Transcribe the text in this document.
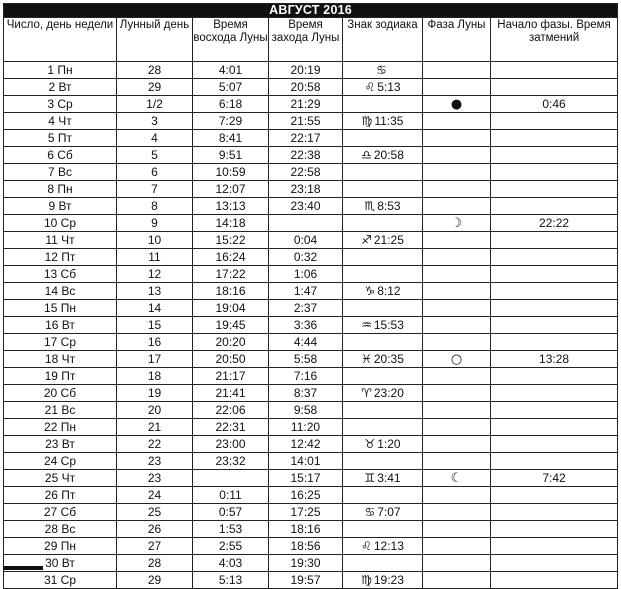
АВГУСТ 2016						
Число, день недели	Лунный день	Время восхода Луны	Время захода Луны	Знак зодиака	Фаза Луны	Начало фазы. Время затмений
1 Пн	28	4:01	20:19	♋		
2 Вт	29	5:07	20:58	♌ 5:13		
3 Ср	1/2	6:18	21:29		●	0:46
4 Чт	3	7:29	21:55	♍ 11:35		
5 Пт	4	8:41	22:17			
6 Сб	5	9:51	22:38	♎ 20:58		
7 Вс	6	10:59	22:58			
8 Пн	7	12:07	23:18			
9 Вт	8	13:13	23:40	♏ 8:53		
10 Ср	9	14:18			☽	22:22
11 Чт	10	15:22	0:04	♐ 21:25		
12 Пт	11	16:24	0:32			
13 Сб	12	17:22	1:06			
14 Вс	13	18:16	1:47	♑ 8:12		
15 Пн	14	19:04	2:37			
16 Вт	15	19:45	3:36	♒ 15:53		
17 Ср	16	20:20	4:44			
18 Чт	17	20:50	5:58	♓ 20:35	○	13:28
19 Пт	18	21:17	7:16			
20 Сб	19	21:41	8:37	♈ 23:20		
21 Вс	20	22:06	9:58			
22 Пн	21	22:31	11:20			
23 Вт	22	23:00	12:42	♉ 1:20		
24 Ср	23	23:32	14:01			
25 Чт	23		15:17	♊ 3:41	☾	7:42
26 Пт	24	0:11	16:25			
27 Сб	25	0:57	17:25	♋ 7:07		
28 Вс	26	1:53	18:16			
29 Пн	27	2:55	18:56	♌ 12:13		
30 Вт	28	4:03	19:30			
31 Ср	29	5:13	19:57	♍ 19:23		
